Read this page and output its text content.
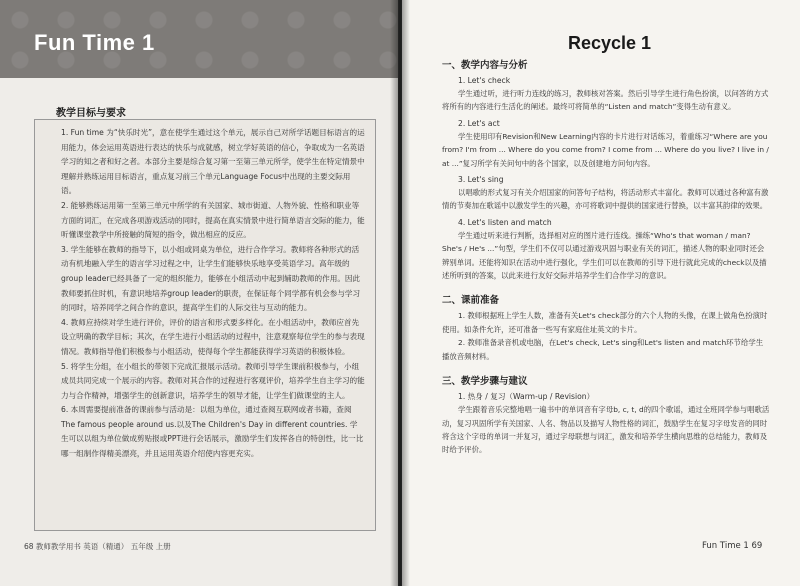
Fun Time 1
教学目标与要求
1. Fun time 为“快乐时光”，意在使学生通过这个单元，展示自己对所学话题目标语言的运用能力，体会运用英语进行表达的快乐与成就感，树立学好英语的信心，争取成为一名英语学习的知之者和好之者。本部分主要是综合复习第一至第三单元所学，使学生在特定情景中理解并熟练运用目标语言，重点复习前三个单元Language Focus中出现的主要交际用语。
2. 能够熟练运用第一至第三单元中所学的有关国家、城市街道、人物外貌、性格和职业等方面的词汇，在完成各项游戏活动的同时，提高在真实情景中进行简单语言交际的能力，能听懂课堂教学中所接触的简短的指令，做出相应的反应。
3. 学生能够在教师的指导下，以小组或同桌为单位，进行合作学习。教师将各种形式的活动有机地融入学生的语言学习过程之中，让学生们能够快乐地享受英语学习。高年级的group leader已经具备了一定的组织能力，能够在小组活动中起到辅助教师的作用。因此教师要抓住时机，有意识地培养group leader的职责，在保证每个同学都有机会参与学习的同时，培养同学之间合作的意识，提高学生们的人际交往与互动的能力。
4. 教师应持续对学生进行评价，评价的语言和形式要多样化。在小组活动中，教师应首先设立明确的教学目标；其次，在学生进行小组活动的过程中，注意观察每位学生的参与表现情况。教师指导他们积极参与小组活动，使得每个学生都能获得学习英语的积极体验。
5. 将学生分组，在小组长的带领下完成汇报展示活动。教师引导学生课前积极参与，小组成员共同完成一个展示的内容。教师对其合作的过程进行客观评价，培养学生自主学习的能力与合作精神，增强学生的创新意识，培养学生的领导才能，让学生们做课堂的主人。
6. 本周需要提前准备的课前参与活动是：以组为单位，通过查阅互联网或者书籍，查阅The famous people around us.以及The Children's Day in different countries. 学生可以以组为单位做成剪贴报或PPT进行会话展示，激励学生们发挥各自的特创性，比一比哪一组制作得精美漂亮，并且运用英语介绍使内容更充实。
68 教师教学用书 英语（精通） 五年级 上册
Recycle 1
一、教学内容与分析
1. Let's check
学生通过听，进行听力连线的练习，教师核对答案。然后引导学生进行角色扮演，以问答的方式将所有的内容进行生活化的阐述。最终可将简单的“Listen and match”变得生动有意义。
2. Let's act
学生使用印有Revision和New Learning内容的卡片进行对话练习，着重练习“Where are you from? I'm from ... Where do you come from? I come from ... Where do you live? I live in / at ...”复习所学有关问句中的各个国家，以及创建地方问句内容。
3. Let's sing
以唱歌的形式复习有关介绍国家的问答句子结构，将活动形式丰富化。教师可以通过各种富有激情的节奏加在歌谣中以激发学生的兴趣，亦可将歌词中提供的国家进行替换，以丰富其韵律的效果。
4. Let's listen and match
学生通过听来进行判断，选择相对应的图片进行连线。操练“Who's that woman / man? She's / He's ...”句型，学生们不仅可以通过游戏巩固与职业有关的词汇，描述人物的职业同时还会辨别单词。还能将知识在活动中进行强化，学生们可以在教师的引导下进行就此完成的check以及描述所听到的答案，以此来进行友好交际并培养学生们合作学习的意识。
二、课前准备
1. 教师根据班上学生人数，准备有关Let's check部分的六个人物的头像，在课上做角色扮演时使用。如条件允许，还可准备一些写有家庭住址英文的卡片。
2. 教师准备录音机或电脑，在Let's check, Let's sing和Let's listen and match环节给学生播放音频材料。
三、教学步骤与建议
1. 热身 / 复习（Warm-up / Revision）
学生跟着音乐完整地唱一遍书中的单词音有字母b, c, t, d的四个歌谣，通过全班同学参与唱歌活动，复习巩固所学有关国家、人名、物品以及描写人物性格的词汇，鼓励学生在复习字母发音的同时将含这个字母的单词一并复习，通过字母联想与词汇，激发和培养学生横向思维的总结能力，教师及时给予评价。
Fun Time 1 69
